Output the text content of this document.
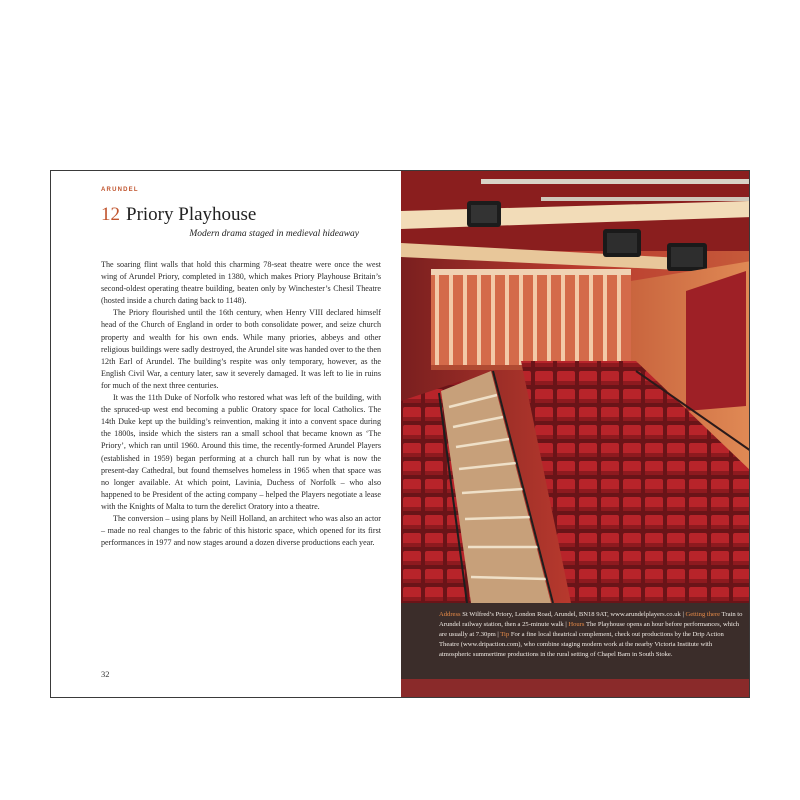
ARUNDEL
12 Priory Playhouse
Modern drama staged in medieval hideaway

The soaring flint walls that hold this charming 78-seat theatre were once the west wing of Arundel Priory, completed in 1380, which makes Priory Playhouse Britain’s second-oldest operating theatre building, beaten only by Winchester’s Chesil Theatre (hosted inside a church dating back to 1148).

The Priory flourished until the 16th century, when Henry VIII declared himself head of the Church of England in order to both consolidate power, and seize church property and wealth for his own ends. While many priories, abbeys and other religious buildings were sadly destroyed, the Arundel site was handed over to the then 12th Earl of Arundel. The building’s respite was only temporary, however, as the English Civil War, a century later, saw it severely damaged. It was left to lie in ruins for much of the next three centuries.

It was the 11th Duke of Norfolk who restored what was left of the building, with the spruced-up west end becoming a public Oratory space for local Catholics. The 14th Duke kept up the building’s reinvention, making it into a convent space during the 1800s, inside which the sisters ran a small school that became known as ‘The Priory’, which ran until 1960. Around this time, the recently-formed Arundel Players (established in 1959) began performing at a church hall run by what is now the present-day Cathedral, but found themselves homeless in 1965 when that space was no longer available. At which point, Lavinia, Duchess of Norfolk – who also happened to be President of the acting company – helped the Players negotiate a lease with the Knights of Malta to turn the derelict Oratory into a theatre.

The conversion – using plans by Neill Holland, an architect who was also an actor – made no real changes to the fabric of this historic space, which opened for its first performances in 1977 and now stages around a dozen diverse productions each year.

32
Address St Wilfred’s Priory, London Road, Arundel, BN18 9AT, www.arundelplayers.co.uk | Getting there Train to Arundel railway station, then a 25-minute walk | Hours The Playhouse opens an hour before performances, which are usually at 7.30pm | Tip For a fine local theatrical complement, check out productions by the Drip Action Theatre (www.dripaction.com), who combine staging modern work at the nearby Victoria Institute with atmospheric summertime productions in the rural setting of Chapel Barn in South Stoke.
